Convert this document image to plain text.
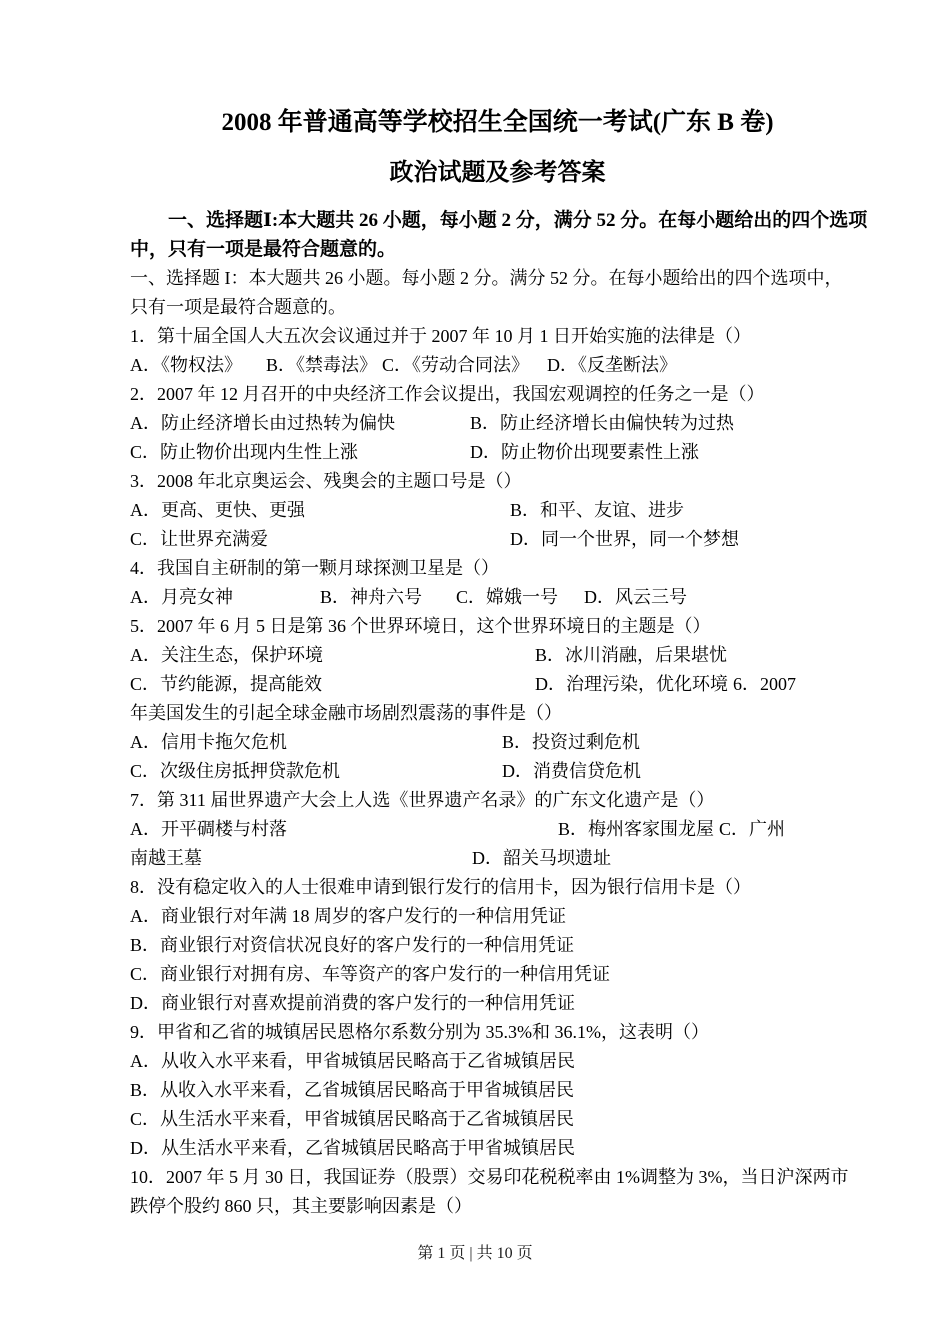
2008 年普通高等学校招生全国统一考试(广东 B 卷)
政治试题及参考答案
一、选择题Ⅰ:本大题共 26 小题，每小题 2 分，满分 52 分。在每小题给出的四个选项
中，只有一项是最符合题意的。
一、选择题 I：本大题共 26 小题。每小题 2 分。满分 52 分。在每小题给出的四个选项中，
只有一项是最符合题意的。
1．第十届全国人大五次会议通过并于 2007 年 10 月 1 日开始实施的法律是（）
A．《物权法》	B．《禁毒法》 C．《劳动合同法》 D．《反垄断法》
2．2007 年 12 月召开的中央经济工作会议提出，我国宏观调控的任务之一是（）
A．防止经济增长由过热转为偏快	B．防止经济增长由偏快转为过热
C．防止物价出现内生性上涨	D．防止物价出现要素性上涨
3．2008 年北京奥运会、残奥会的主题口号是（）
A．更高、更快、更强	B．和平、友谊、进步
C．让世界充满爱	D．同一个世界，同一个梦想
4．我国自主研制的第一颗月球探测卫星是（）
A．月亮女神	B．神舟六号	C．嫦娥一号	D．风云三号
5．2007 年 6 月 5 日是第 36 个世界环境日，这个世界环境日的主题是（）
A．关注生态，保护环境	B．冰川消融，后果堪忧
C．节约能源，提高能效	D．治理污染，优化环境 6．2007
年美国发生的引起全球金融市场剧烈震荡的事件是（）
A．信用卡拖欠危机	B．投资过剩危机
C．次级住房抵押贷款危机	D．消费信贷危机
7．第 311 届世界遗产大会上人选《世界遗产名录》的广东文化遗产是（）
A．开平碉楼与村落	B．梅州客家围龙屋 C．广州
南越王墓	D．韶关马坝遗址
8．没有稳定收入的人士很难申请到银行发行的信用卡，因为银行信用卡是（）
A．商业银行对年满 18 周岁的客户发行的一种信用凭证
B．商业银行对资信状况良好的客户发行的一种信用凭证
C．商业银行对拥有房、车等资产的客户发行的一种信用凭证
D．商业银行对喜欢提前消费的客户发行的一种信用凭证
9．甲省和乙省的城镇居民恩格尔系数分别为 35.3%和 36.1%，这表明（）
A．从收入水平来看，甲省城镇居民略高于乙省城镇居民
B．从收入水平来看，乙省城镇居民略高于甲省城镇居民
C．从生活水平来看，甲省城镇居民略高于乙省城镇居民
D．从生活水平来看，乙省城镇居民略高于甲省城镇居民
10．2007 年 5 月 30 日，我国证券（股票）交易印花税税率由 1%调整为 3%，当日沪深两市
跌停个股约 860 只，其主要影响因素是（）
第 1 页 | 共 10 页
